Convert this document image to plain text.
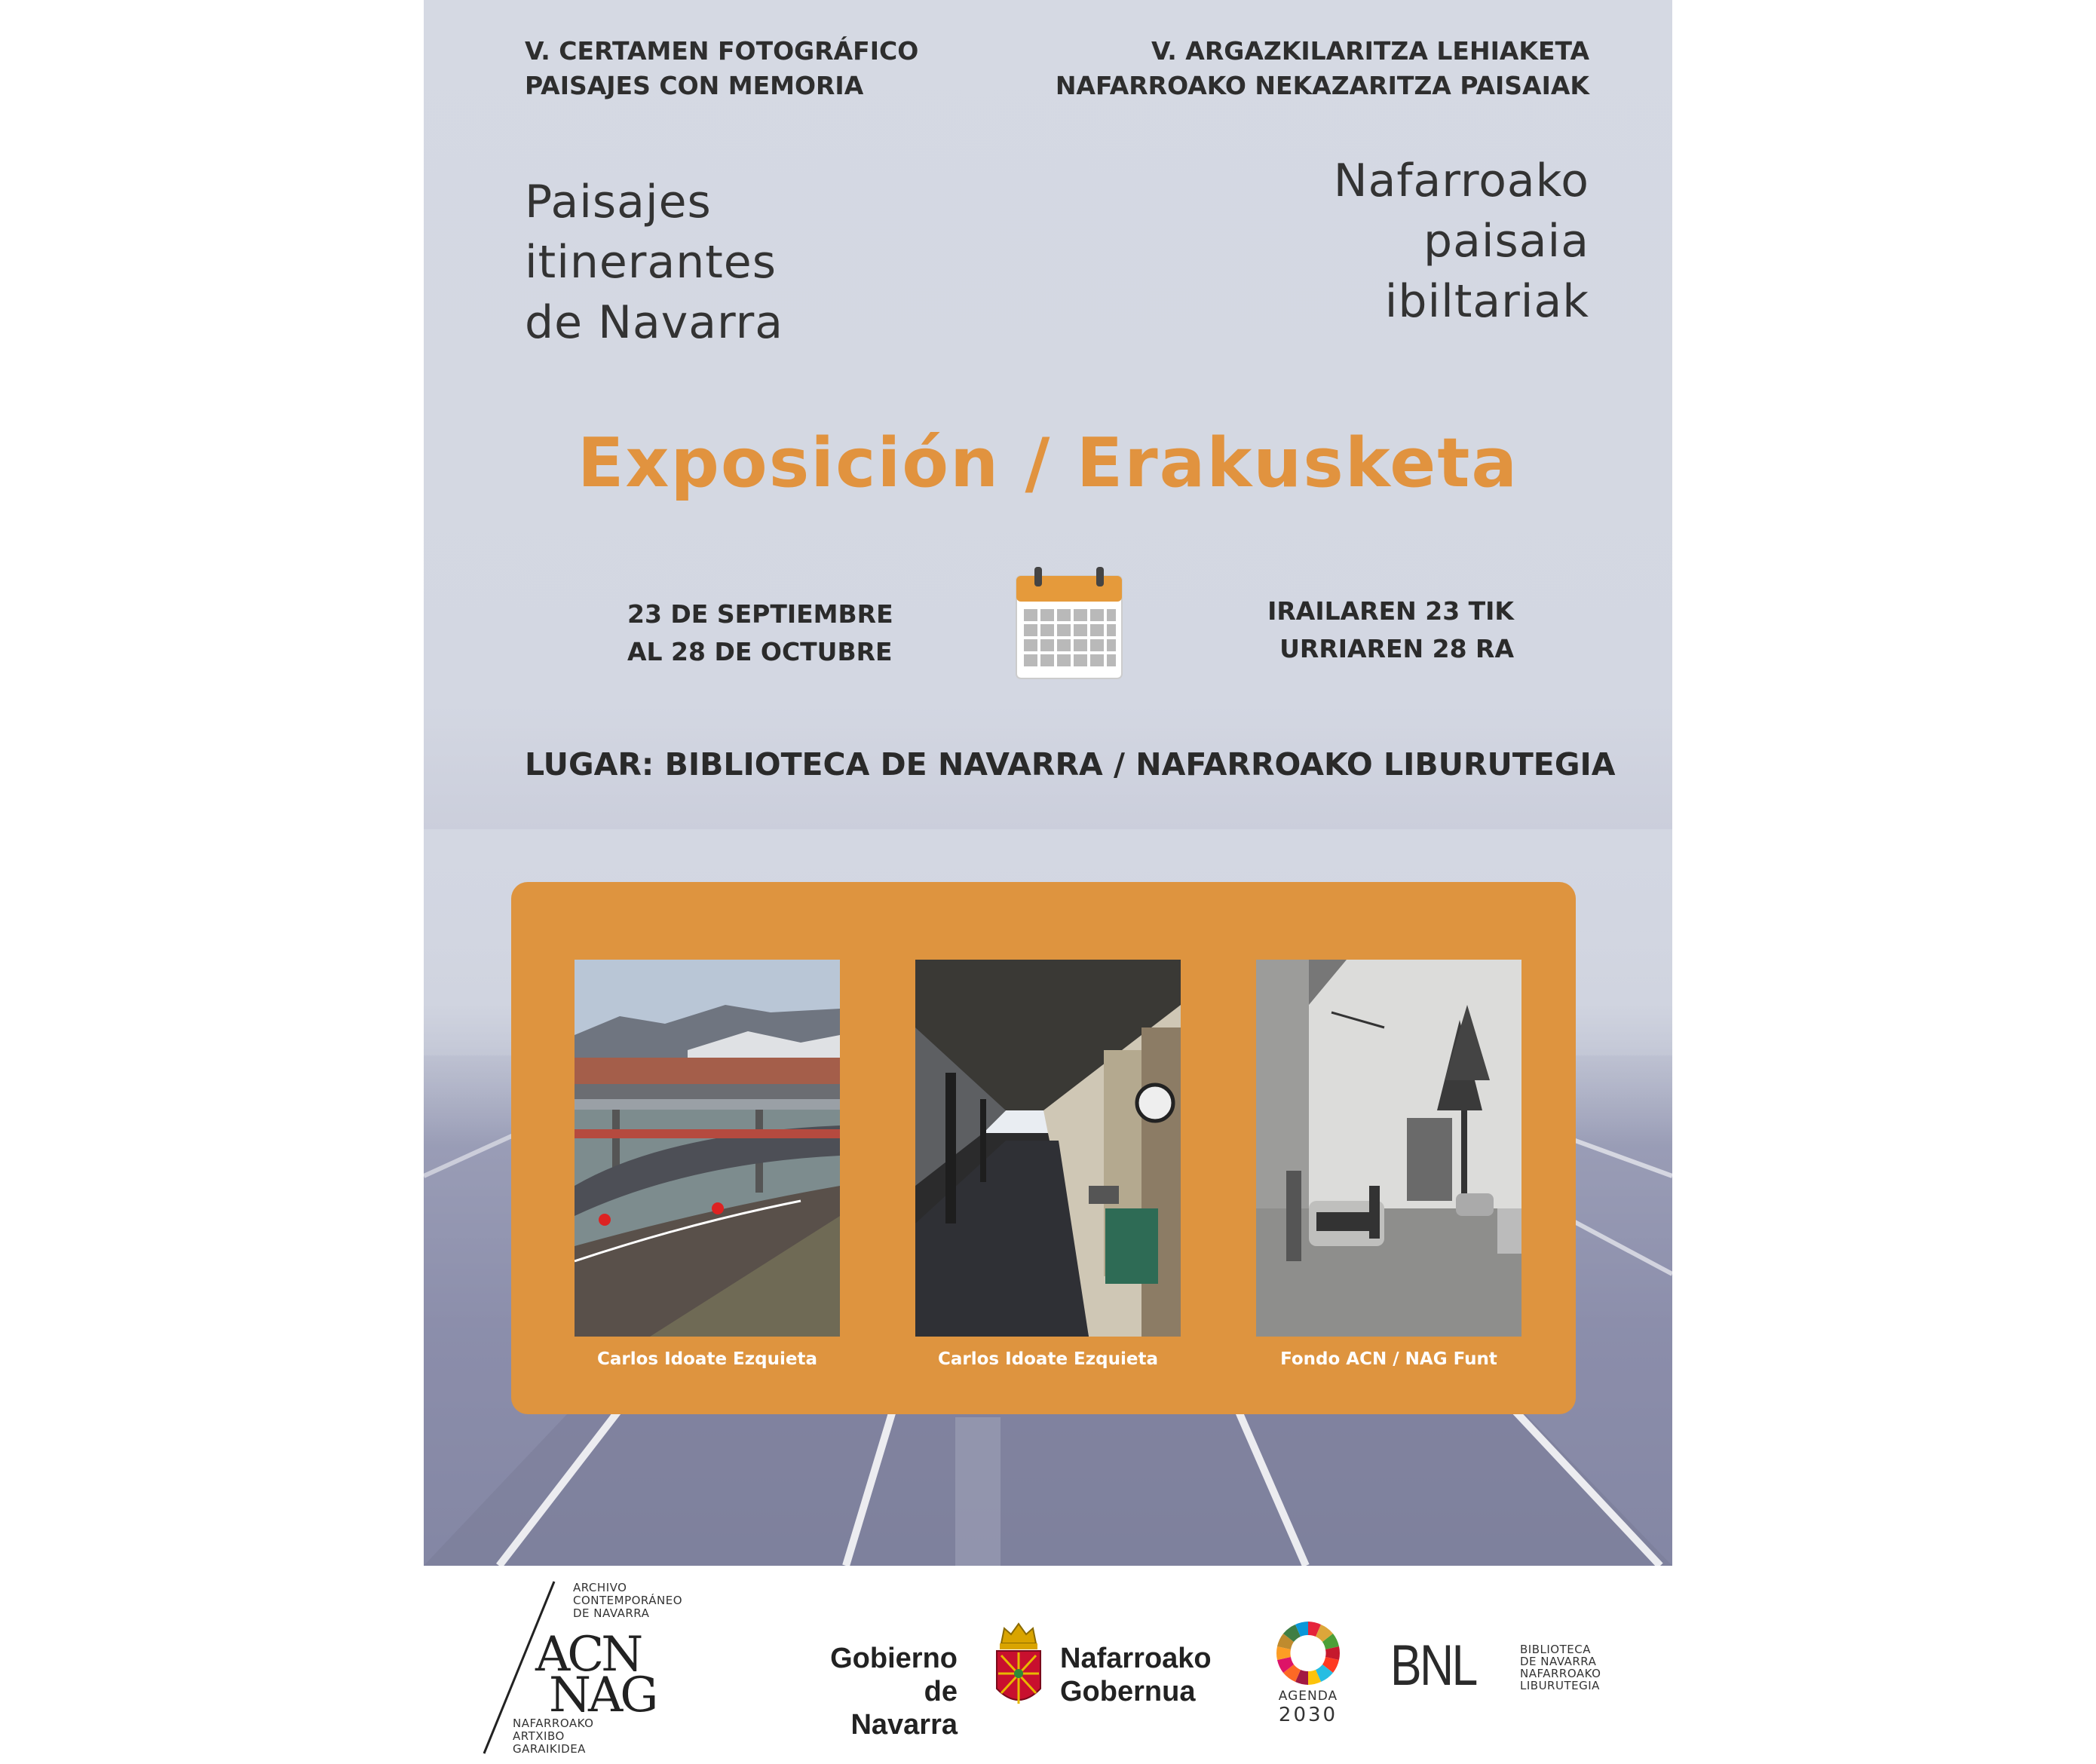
V. CERTAMEN FOTOGRÁFICO
PAISAJES CON MEMORIA
V. ARGAZKILARITZA LEHIAKETA
NAFARROAKO NEKAZARITZA PAISAIAK
Paisajes
itinerantes
de Navarra
Nafarroako
paisaia
ibiltariak
Exposición / Erakusketa
23 DE SEPTIEMBRE
AL 28 DE OCTUBRE
IRAILAREN 23 TIK
URRIAREN 28 RA
LUGAR: BIBLIOTECA DE NAVARRA / NAFARROAKO LIBURUTEGIA
Carlos Idoate Ezquieta	Carlos Idoate Ezquieta	Fondo ACN / NAG Funt
ARCHIVO
CONTEMPORÁNEO
DE NAVARRA
ACN
NAG
NAFARROAKO
ARTXIBO
GARAIKIDEA
Gobierno
de Navarra
Nafarroako
Gobernua	AGENDA
2030
BNL	BIBLIOTECA
DE NAVARRA
NAFARROAKO
LIBURUTEGIA
